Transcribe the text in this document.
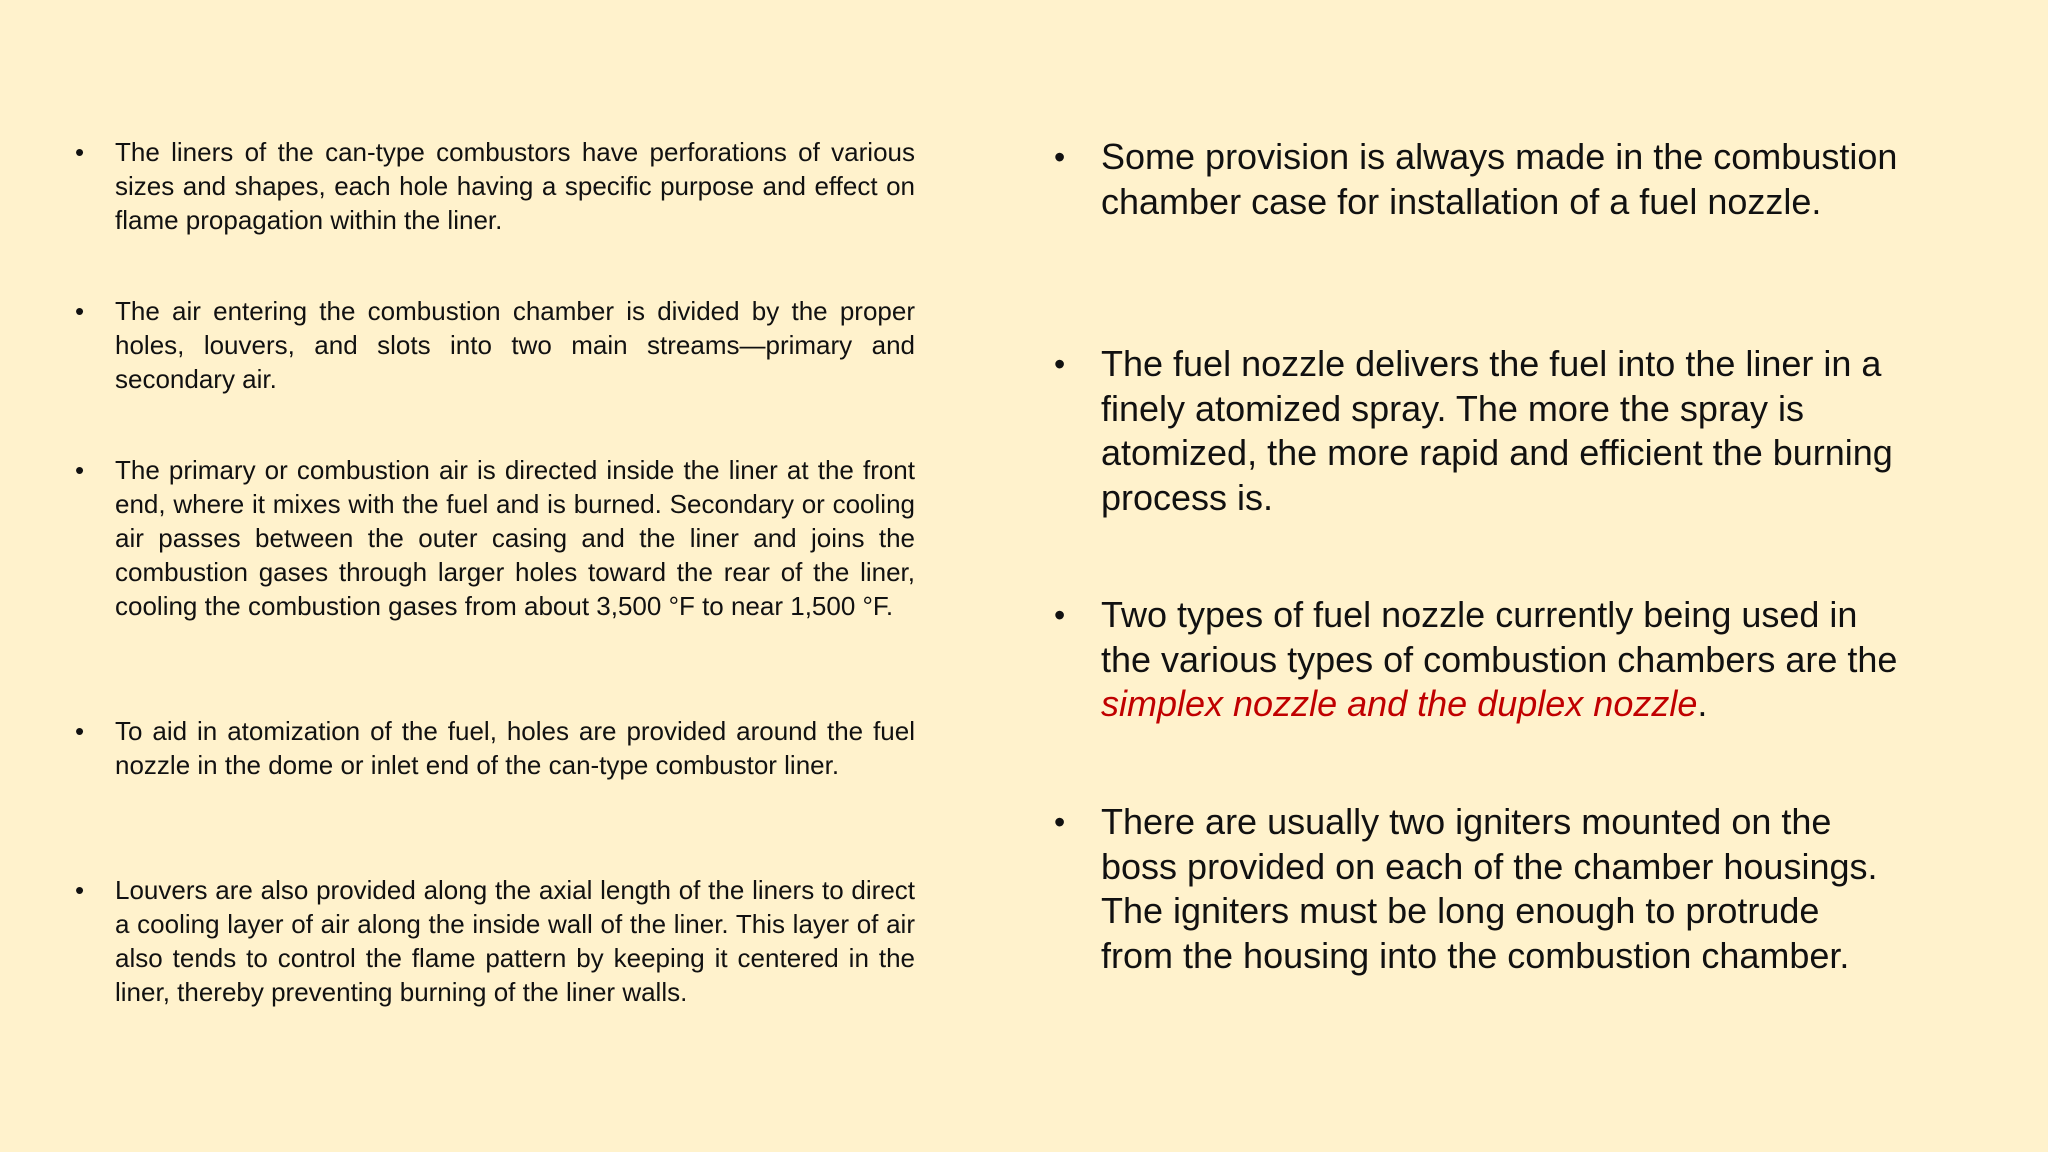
• The liners of the can-type combustors have perforations of various sizes and shapes, each hole having a specific purpose and effect on flame propagation within the liner.
• The air entering the combustion chamber is divided by the proper holes, louvers, and slots into two main streams—primary and secondary air.
• The primary or combustion air is directed inside the liner at the front end, where it mixes with the fuel and is burned. Secondary or cooling air passes between the outer casing and the liner and joins the combustion gases through larger holes toward the rear of the liner, cooling the combustion gases from about 3,500 °F to near 1,500 °F.
• To aid in atomization of the fuel, holes are provided around the fuel nozzle in the dome or inlet end of the can-type combustor liner.
• Louvers are also provided along the axial length of the liners to direct a cooling layer of air along the inside wall of the liner. This layer of air also tends to control the flame pattern by keeping it centered in the liner, thereby preventing burning of the liner walls.
• Some provision is always made in the combustion chamber case for installation of a fuel nozzle.
• The fuel nozzle delivers the fuel into the liner in a finely atomized spray. The more the spray is atomized, the more rapid and efficient the burning process is.
• Two types of fuel nozzle currently being used in the various types of combustion chambers are the simplex nozzle and the duplex nozzle.
• There are usually two igniters mounted on the boss provided on each of the chamber housings. The igniters must be long enough to protrude from the housing into the combustion chamber.
